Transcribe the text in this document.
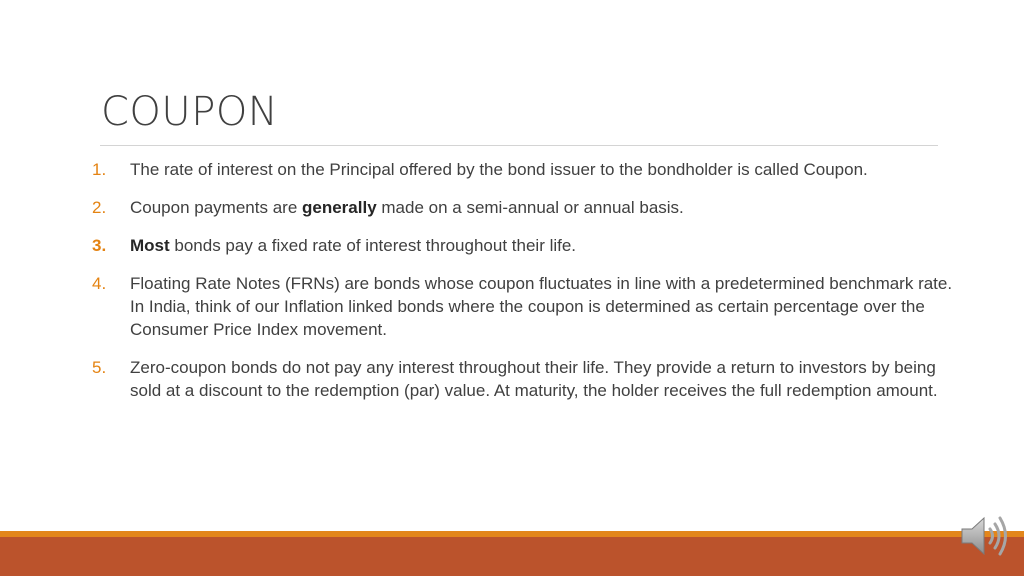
COUPON
1.	The rate of interest on the Principal offered by the bond issuer to the bondholder is called Coupon.
2.	Coupon payments are generally made on a semi-annual or annual basis.
3.	Most bonds pay a fixed rate of interest throughout their life.
4.	Floating Rate Notes (FRNs) are bonds whose coupon fluctuates in line with a predetermined benchmark rate. In India, think of our Inflation linked bonds where the coupon is determined as certain percentage over the Consumer Price Index movement.
5.	Zero-coupon bonds do not pay any interest throughout their life. They provide a return to investors by being sold at a discount to the redemption (par) value. At maturity, the holder receives the full redemption amount.
